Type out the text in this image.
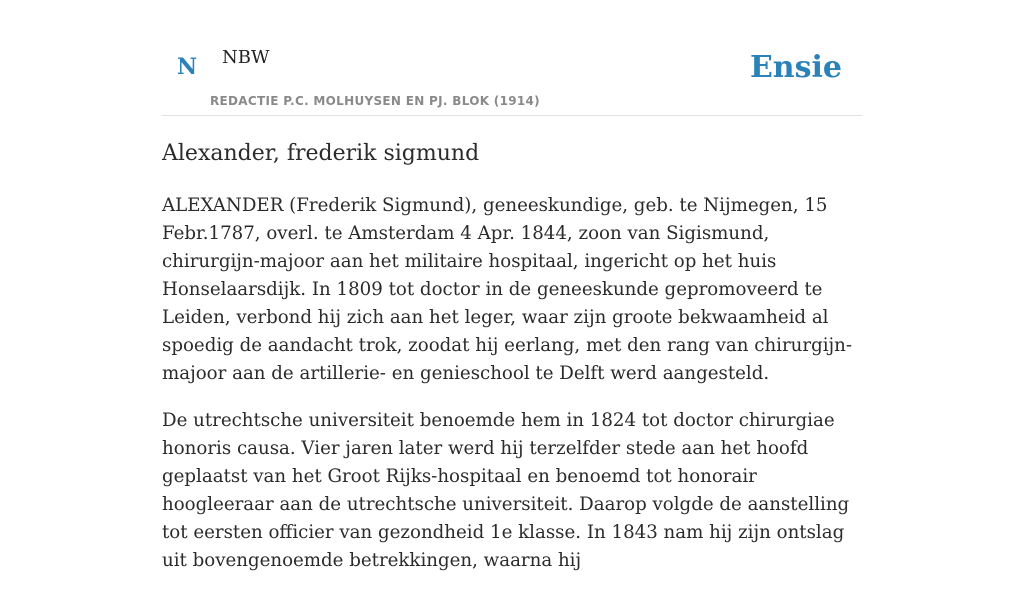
N NBW
REDACTIE P.C. MOLHUYSEN EN PJ. BLOK (1914)
Ensie
Alexander, frederik sigmund

ALEXANDER (Frederik Sigmund), geneeskundige, geb. te Nijmegen, 15 Febr.1787, overl. te Amsterdam 4 Apr. 1844, zoon van Sigismund, chirurgijn-majoor aan het militaire hospitaal, ingericht op het huis Honselaarsdijk. In 1809 tot doctor in de geneeskunde gepromoveerd te Leiden, verbond hij zich aan het leger, waar zijn groote bekwaamheid al spoedig de aandacht trok, zoodat hij eerlang, met den rang van chirurgijn-majoor aan de artillerie- en genieschool te Delft werd aangesteld.

De utrechtsche universiteit benoemde hem in 1824 tot doctor chirurgiae honoris causa. Vier jaren later werd hij terzelfder stede aan het hoofd geplaatst van het Groot Rijks-hospitaal en benoemd tot honorair hoogleeraar aan de utrechtsche universiteit. Daarop volgde de aanstelling tot eersten officier van gezondheid 1e klasse. In 1843 nam hij zijn ontslag uit bovengenoemde betrekkingen, waarna hij
